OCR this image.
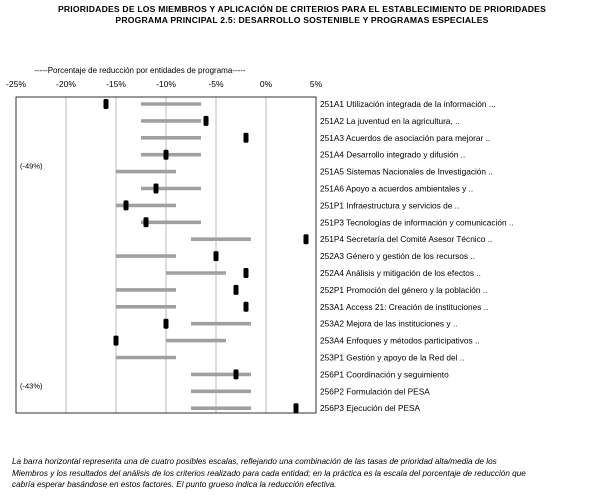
PRIORIDADES DE LOS MIEMBROS Y APLICACIÓN DE CRITERIOS PARA EL ESTABLECIMIENTO DE PRIORIDADES
PROGRAMA PRINCIPAL 2.5: DESARROLLO SOSTENIBLE Y PROGRAMAS ESPECIALES
-25%	-20%	-15%	-10%	-5%	0%	5%
251A1 Utilización integrada de la información ...
251A2 La juventud en la agricultura, ..
251A3 Acuerdos de asociación para mejorar ..
251A4 Desarrollo integrado y difusión ..
251A5 Sistemas Nacionales de Investigación ..
251A6 Apoyo a acuerdos ambientales y ..
251P1 Infraestructura y servicios de ..
251P3 Tecnologías de información y comunicación ..
251P4 Secretaría del Comité Asesor Técnico ..
252A3 Género y gestión de los recursos ..
252A4 Análisis y mitigación de los efectos ..
252P1 Promoción del género y la población ..
253A1 Access 21: Creación de instituciones ..
253A2 Mejora de las instituciones y ..
253A4 Enfoques y métodos participativos ..
253P1 Gestión y apoyo de la Red del ..
256P1 Coordinación y seguimiento
256P2 Formulación del PESA
256P3 Ejecución del PESA
(-49%)
(-43%)
-----Porcentaje de reducción por entidades de programa-----
La barra horizontal representa una de cuatro posibles escalas, reflejando una combinación de las tasas de prioridad alta/media de los
Miembros y los resultados del análisis de los criterios realizado para cada entidad; en la práctica es la escala del porcentaje de reducción que
cabría esperar basándose en estos factores. El punto grueso indica la reducción efectiva.
